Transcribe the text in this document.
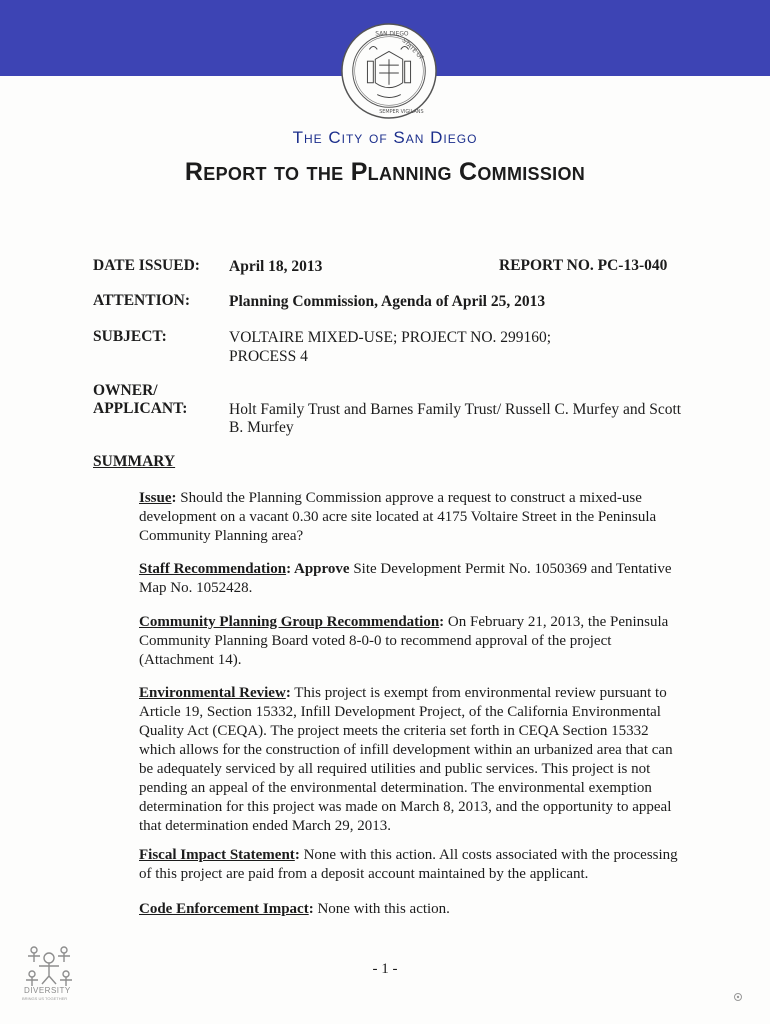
SAN DIEGO
STATE OF
SEMPER VIGILANS
The City of San Diego
Report to the Planning Commission
DATE ISSUED: April 18, 2013	REPORT NO. PC-13-040
ATTENTION:	Planning Commission, Agenda of April 25, 2013
SUBJECT:	VOLTAIRE MIXED-USE; PROJECT NO. 299160;
PROCESS 4
OWNER/
APPLICANT:	Holt Family Trust and Barnes Family Trust/ Russell C. Murfey and Scott
B. Murfey
SUMMARY
Issue: Should the Planning Commission approve a request to construct a mixed-use development on a vacant 0.30 acre site located at 4175 Voltaire Street in the Peninsula Community Planning area?
Staff Recommendation: Approve Site Development Permit No. 1050369 and Tentative Map No. 1052428.
Community Planning Group Recommendation: On February 21, 2013, the Peninsula Community Planning Board voted 8-0-0 to recommend approval of the project (Attachment 14).
Environmental Review: This project is exempt from environmental review pursuant to Article 19, Section 15332, Infill Development Project, of the California Environmental Quality Act (CEQA). The project meets the criteria set forth in CEQA Section 15332 which allows for the construction of infill development within an urbanized area that can be adequately serviced by all required utilities and public services. This project is not pending an appeal of the environmental determination. The environmental exemption determination for this project was made on March 8, 2013, and the opportunity to appeal that determination ended March 29, 2013.
Fiscal Impact Statement: None with this action. All costs associated with the processing of this project are paid from a deposit account maintained by the applicant.
Code Enforcement Impact: None with this action.
DIVERSITY
BRINGS US TOGETHER
- 1 -
